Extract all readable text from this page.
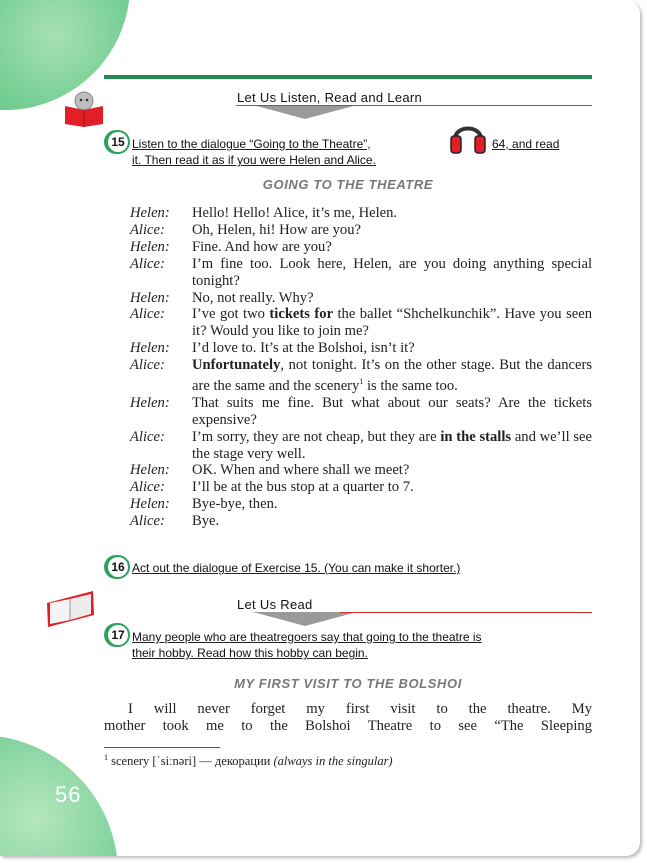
Let Us Listen, Read and Learn
15 Listen to the dialogue “Going to the Theatre”,	64, and read
it. Then read it as if you were Helen and Alice.
GOING TO THE THEATRE
Helen:	Hello! Hello! Alice, it’s me, Helen.
Alice:	Oh, Helen, hi! How are you?
Helen:	Fine. And how are you?
Alice:	I’m fine too. Look here, Helen, are you doing anything special tonight?
Helen:	No, not really. Why?
Alice:	I’ve got two tickets for the ballet “Shchelkunchik”. Have you seen it? Would you like to join me?
Helen:	I’d love to. It’s at the Bolshoi, isn’t it?
Alice:	Unfortunately, not tonight. It’s on the other stage. But the dancers are the same and the scenery$^1$ is the same too.
Helen:	That suits me fine. But what about our seats? Are the tickets expensive?
Alice:	I’m sorry, they are not cheap, but they are in the stalls and we’ll see the stage very well.
Helen:	OK. When and where shall we meet?
Alice:	I’ll be at the bus stop at a quarter to 7.
Helen:	Bye-bye, then.
Alice:	Bye.
16 Act out the dialogue of Exercise 15. (You can make it shorter.)
Let Us Read
17 Many people who are theatregoers say that going to the theatre is
their hobby. Read how this hobby can begin.
MY FIRST VISIT TO THE BOLSHOI
I will never forget my first visit to the theatre. My
mother took me to the Bolshoi Theatre to see “The Sleeping
$^1$ scenery [ˈsiːnəri] — декорации (always in the singular)
56
